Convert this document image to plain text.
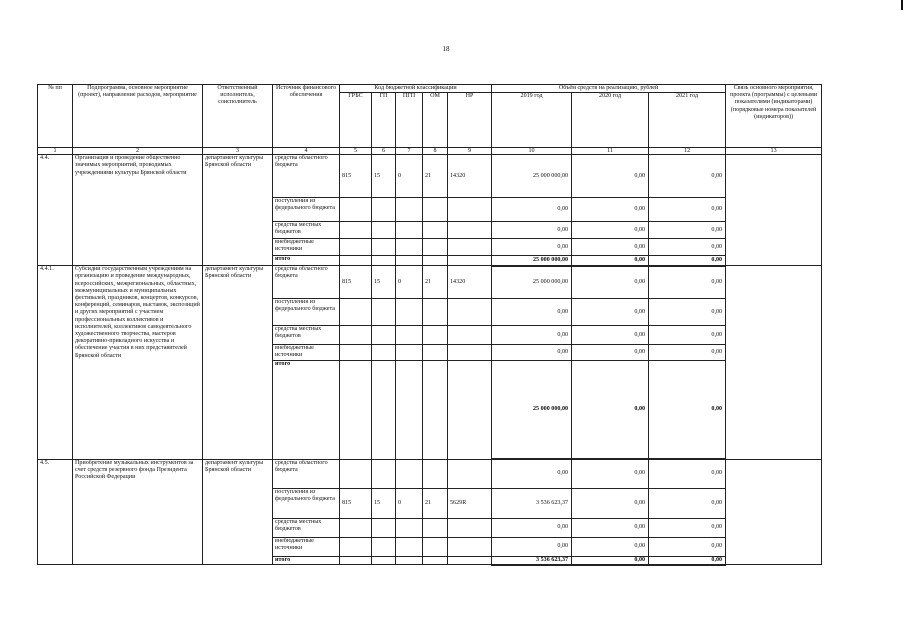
18
№ пп	Подпрограмма, основное мероприятие (проект), направление расходов, мероприятие	Ответственный исполнитель, соисполнитель	Источник финансового обеспечения	Код бюджетной классификации					Объём средств на реализацию, рублей			Связь основного мероприятия, проекта (программы) с целевыми показателями (индикаторами) (порядковые номера показателей (индикаторов))
				ГРБС	ГП	ПГП	ОМ	НР	2019 год	2020 год	2021 год	
1	2	3	4	5	6	7	8	9	10	11	12	13
4.4.	Организация и проведение общественно значимых мероприятий, проводимых учреждениями культуры Брянской области	департамент культуры Брянской области	средства областного бюджета	815	15	0	21	14320	25 000 000,00	0,00	0,00	
			поступления из федерального бюджета						0,00	0,00	0,00	
			средства местных бюджетов						0,00	0,00	0,00	
			внебюджетные источники						0,00	0,00	0,00	
			итого						25 000 000,00	0,00	0,00	
4.4.1.	Субсидии государственным учреждениям на организацию и проведение международных, всероссийских, межрегиональных, областных, межмуниципальных и муниципальных фестивалей, праздников, концертов, конкурсов, конференций, семинаров, выставок, экспозиций и других мероприятий с участием профессиональных коллективов и исполнителей, коллективов самодеятельного художественного творчества, мастеров декоративно-прикладного искусства и обеспечение участия в них представителей Брянской области	департамент культуры Брянской области	средства областного бюджета	815	15	0	21	14320	25 000 000,00	0,00	0,00	
			поступления из федерального бюджета						0,00	0,00	0,00	
			средства местных бюджетов						0,00	0,00	0,00	
			внебюджетные источники						0,00	0,00	0,00	
			итого						25 000 000,00	0,00	0,00	
4.5.	Приобретение музыкальных инструментов за счет средств резервного фонда Президента Российской Федерации	департамент культуры Брянской области	средства областного бюджета						0,00	0,00	0,00	
			поступления из федерального бюджета	815	15	0	21	5629R	3 536 623,37	0,00	0,00	
			средства местных бюджетов						0,00	0,00	0,00	
			внебюджетные источники						0,00	0,00	0,00	
			итого						3 536 623,37	0,00	0,00	
